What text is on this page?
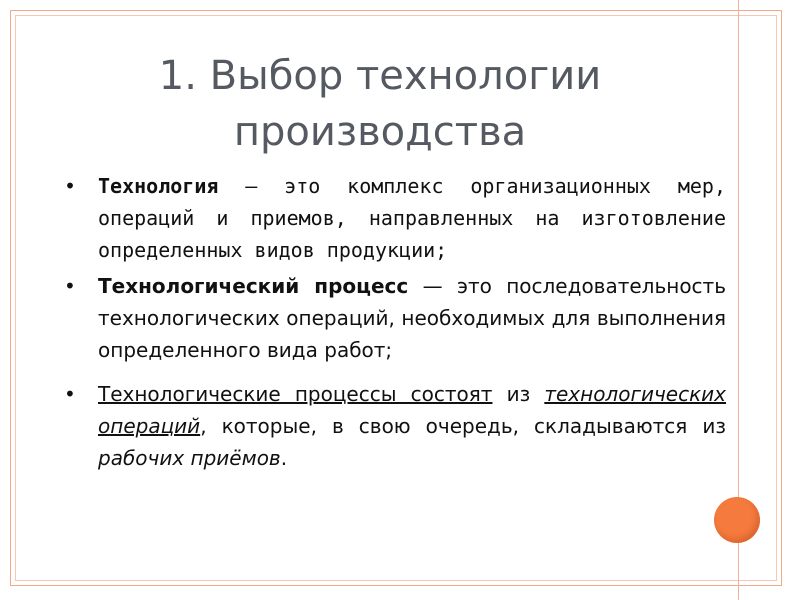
1. Выбор технологии
производства
• Технология — это комплекс организационных мер, операций и приемов, направленных на изготовление определенных видов продукции;
• Технологический процесс — это последовательность технологических операций, необходимых для выполнения определенного вида работ;
• Технологические процессы состоят из технологических операций, которые, в свою очередь, складываются из рабочих приёмов.
